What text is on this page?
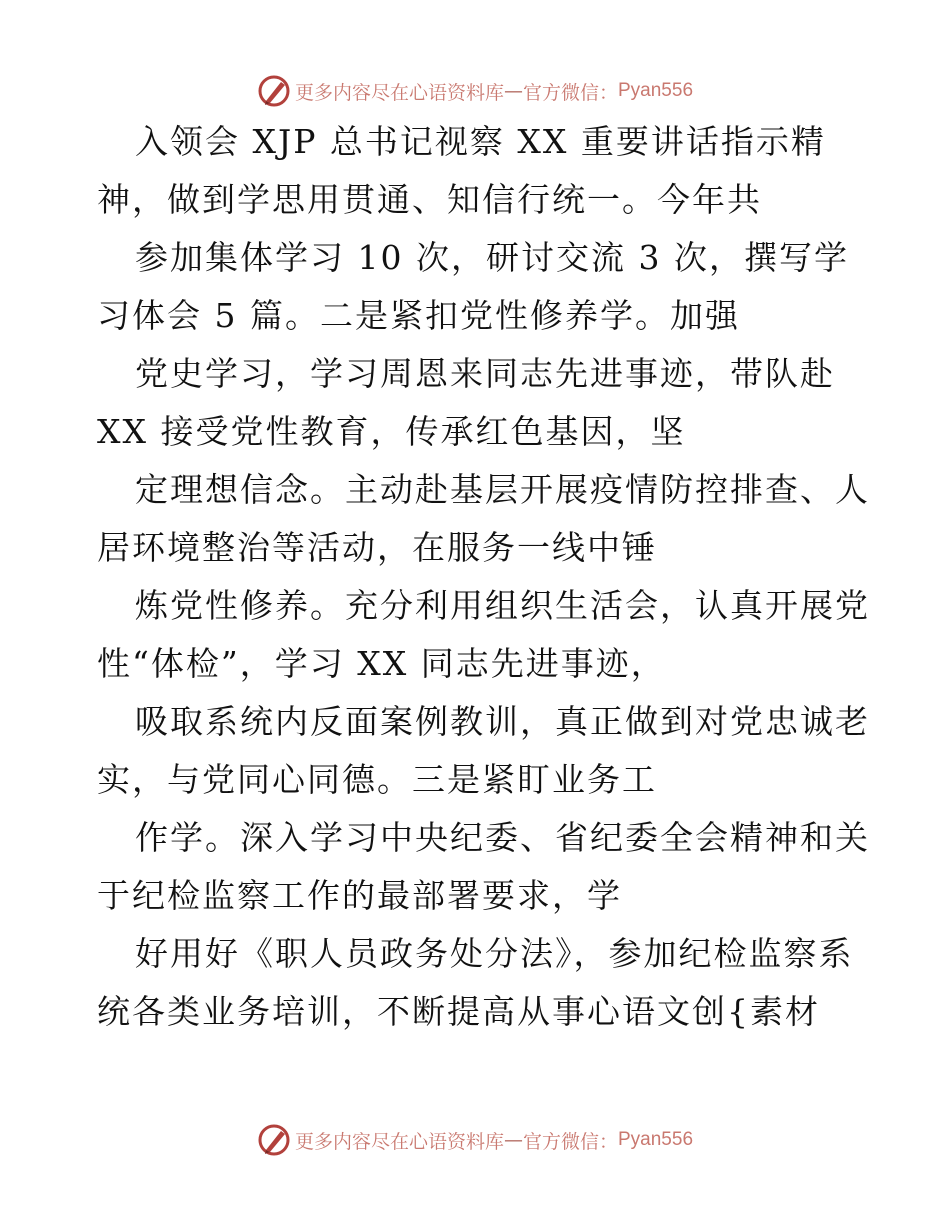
更多内容尽在心语资料库 — 官方微信： Pyan556
入领会 XJP 总书记视察 XX 重要讲话指示精
神，做到学思用贯通、知信行统一。今年共
参加集体学习 10 次，研讨交流 3 次，撰写学
习体会 5 篇。二是紧扣党性修养学。加强
党史学习，学习周恩来同志先进事迹，带队赴
XX 接受党性教育，传承红色基因，坚
定理想信念。主动赴基层开展疫情防控排查、人
居环境整治等活动，在服务一线中锤
炼党性修养。充分利用组织生活会，认真开展党
性“体检”，学习 XX 同志先进事迹，
吸取系统内反面案例教训，真正做到对党忠诚老
实，与党同心同德。三是紧盯业务工
作学。深入学习中央纪委、省纪委全会精神和关
于纪检监察工作的最部署要求，学
好用好《职人员政务处分法》，参加纪检监察系
统各类业务培训，不断提高从事心语文创{素材
更多内容尽在心语资料库 — 官方微信： Pyan556
